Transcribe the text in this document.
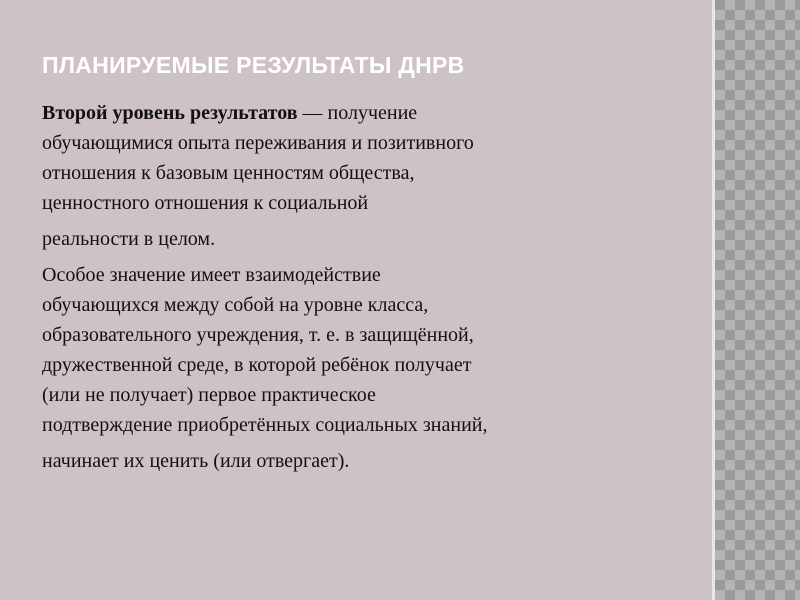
ПЛАНИРУЕМЫЕ РЕЗУЛЬТАТЫ ДНРВ

Второй уровень результатов — получение

обучающимися опыта переживания и позитивного

отношения к базовым ценностям общества,

ценностного отношения к социальной

реальности в целом.

Особое значение имеет взаимодействие

обучающихся между собой на уровне класса,

образовательного учреждения, т. е. в защищённой,

дружественной среде, в которой ребёнок получает

(или не получает) первое практическое

подтверждение приобретённых социальных знаний,

начинает их ценить (или отвергает).
